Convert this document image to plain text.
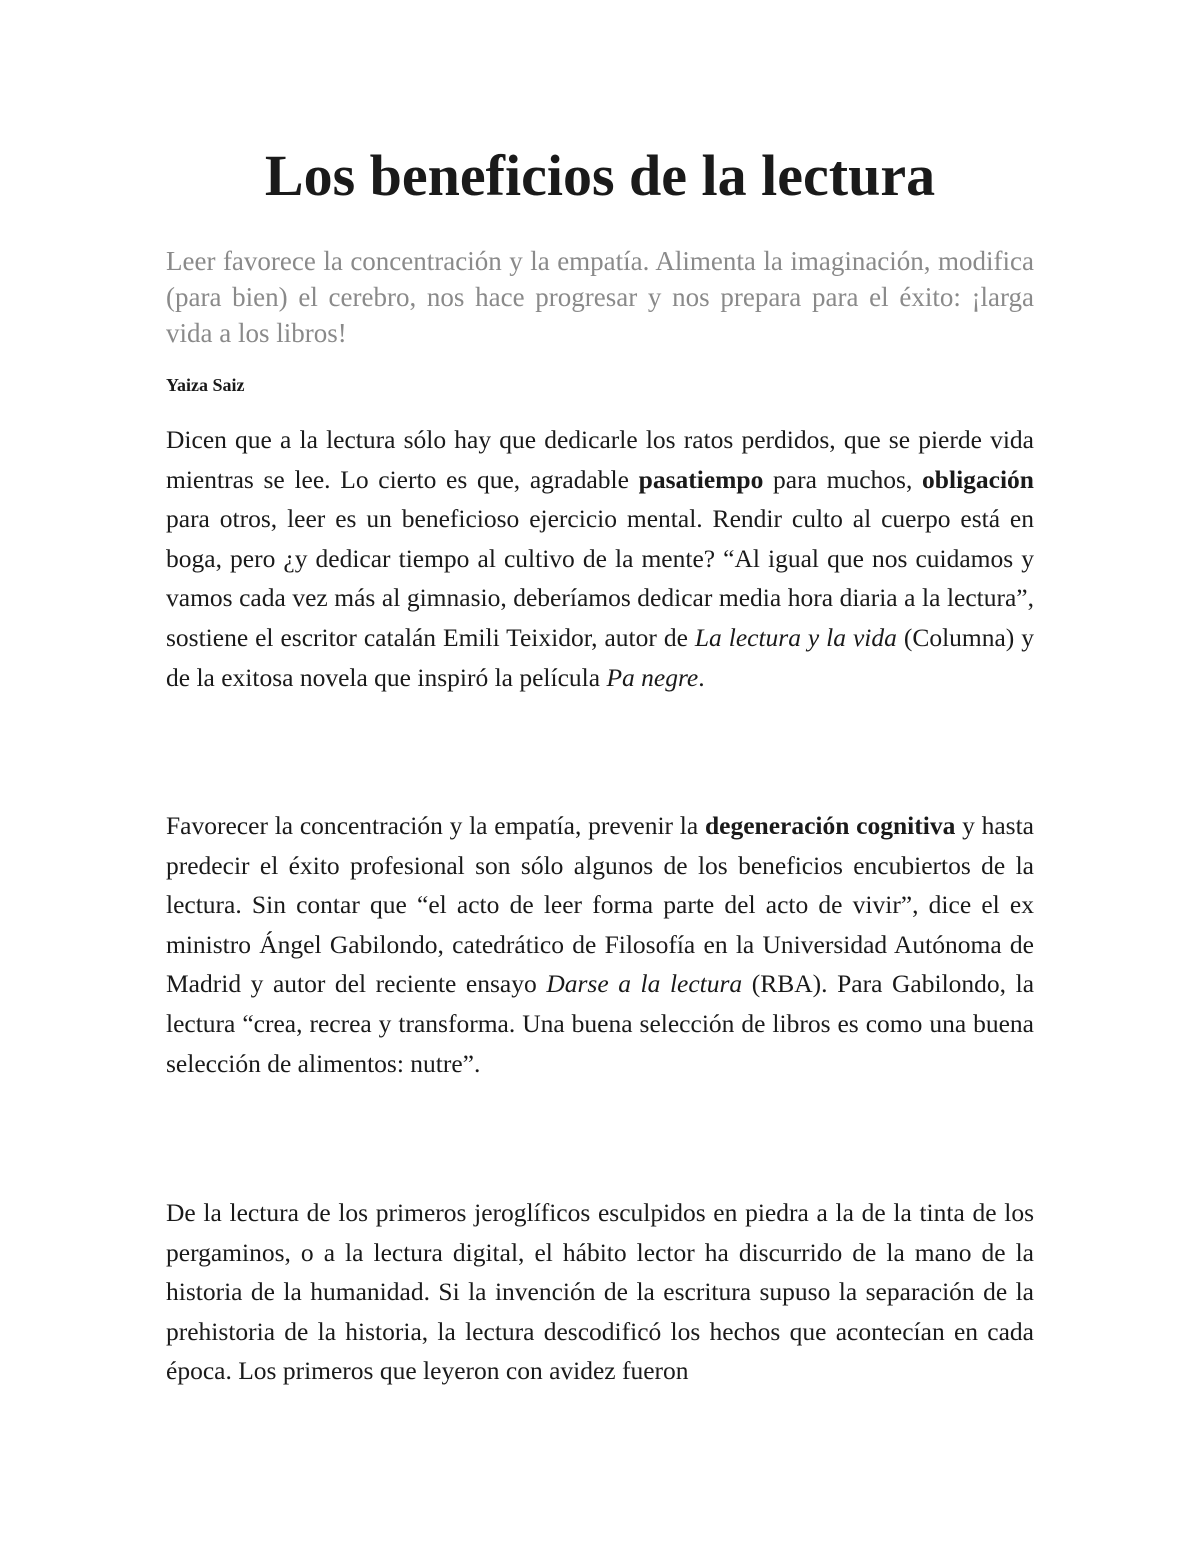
Los beneficios de la lectura

Leer favorece la concentración y la empatía. Alimenta la imaginación, modifica (para bien) el cerebro, nos hace progresar y nos prepara para el éxito: ¡larga vida a los libros!

Yaiza Saiz

Dicen que a la lectura sólo hay que dedicarle los ratos perdidos, que se pierde vida mientras se lee. Lo cierto es que, agradable pasatiempo para muchos, obligación para otros, leer es un beneficioso ejercicio mental. Rendir culto al cuerpo está en boga, pero ¿y dedicar tiempo al cultivo de la mente? “Al igual que nos cuidamos y vamos cada vez más al gimnasio, deberíamos dedicar media hora diaria a la lectura”, sostiene el escritor catalán Emili Teixidor, autor de La lectura y la vida (Columna) y de la exitosa novela que inspiró la película Pa negre.

Favorecer la concentración y la empatía, prevenir la degeneración cognitiva y hasta predecir el éxito profesional son sólo algunos de los beneficios encubiertos de la lectura. Sin contar que “el acto de leer forma parte del acto de vivir”, dice el ex ministro Ángel Gabilondo, catedrático de Filosofía en la Universidad Autónoma de Madrid y autor del reciente ensayo Darse a la lectura (RBA). Para Gabilondo, la lectura “crea, recrea y transforma. Una buena selección de libros es como una buena selección de alimentos: nutre”.

De la lectura de los primeros jeroglíficos esculpidos en piedra a la de la tinta de los pergaminos, o a la lectura digital, el hábito lector ha discurrido de la mano de la historia de la humanidad. Si la invención de la escritura supuso la separación de la prehistoria de la historia, la lectura descodificó los hechos que acontecían en cada época. Los primeros que leyeron con avidez fueron
